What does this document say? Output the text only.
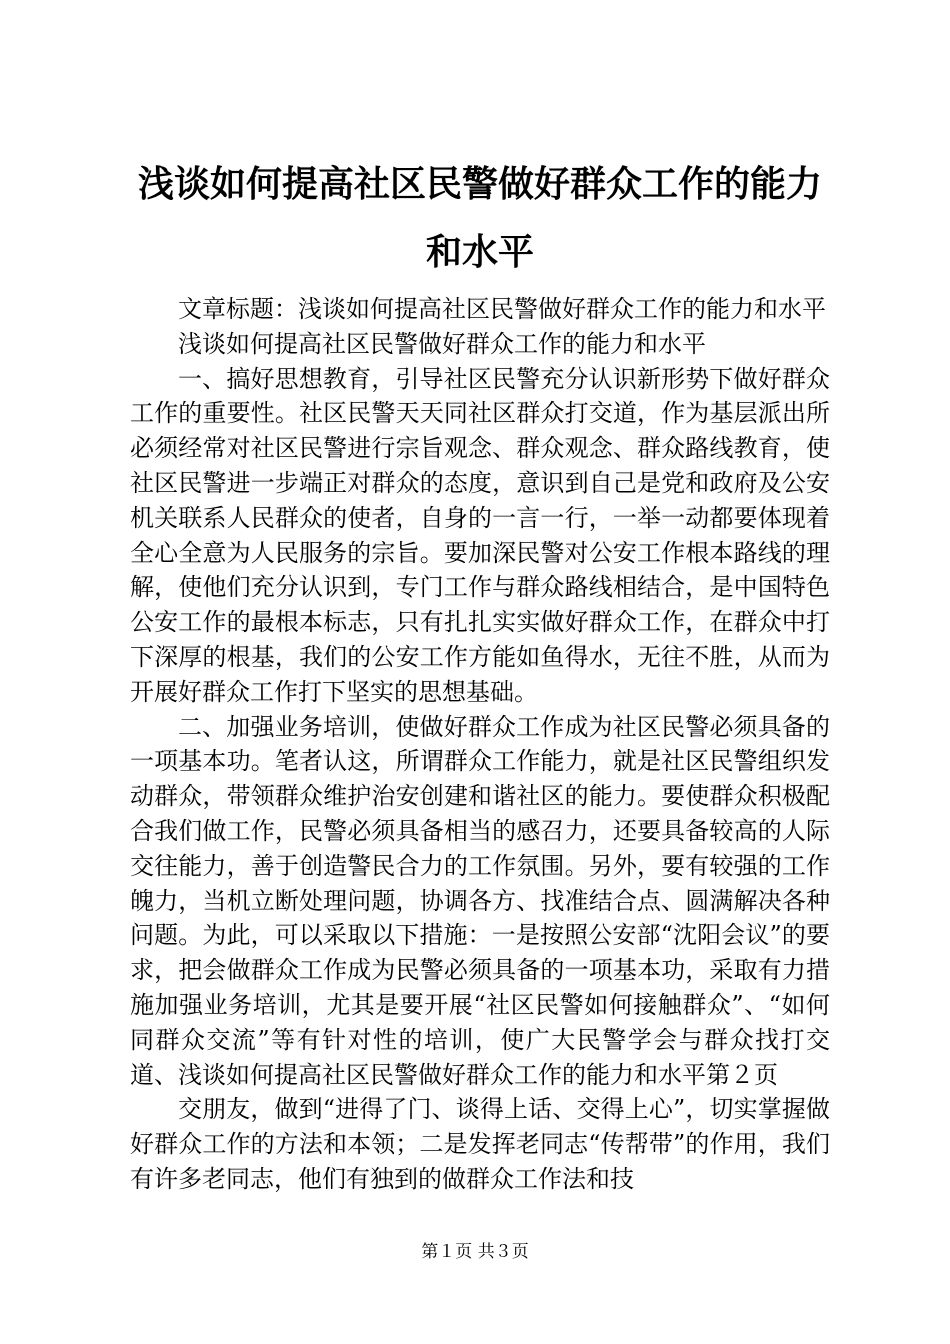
浅谈如何提高社区民警做好群众工作的能力和水平

文章标题：浅谈如何提高社区民警做好群众工作的能力和水平

浅谈如何提高社区民警做好群众工作的能力和水平

一、搞好思想教育，引导社区民警充分认识新形势下做好群众工作的重要性。社区民警天天同社区群众打交道，作为基层派出所必须经常对社区民警进行宗旨观念、群众观念、群众路线教育，使社区民警进一步端正对群众的态度，意识到自己是党和政府及公安机关联系人民群众的使者，自身的一言一行，一举一动都要体现着全心全意为人民服务的宗旨。要加深民警对公安工作根本路线的理解，使他们充分认识到，专门工作与群众路线相结合，是中国特色公安工作的最根本标志，只有扎扎实实做好群众工作，在群众中打下深厚的根基，我们的公安工作方能如鱼得水，无往不胜，从而为开展好群众工作打下坚实的思想基础。

二、加强业务培训，使做好群众工作成为社区民警必须具备的一项基本功。笔者认这，所谓群众工作能力，就是社区民警组织发动群众，带领群众维护治安创建和谐社区的能力。要使群众积极配合我们做工作，民警必须具备相当的感召力，还要具备较高的人际交往能力，善于创造警民合力的工作氛围。另外，要有较强的工作魄力，当机立断处理问题，协调各方、找准结合点、圆满解决各种问题。为此，可以采取以下措施：一是按照公安部“沈阳会议”的要求，把会做群众工作成为民警必须具备的一项基本功，采取有力措施加强业务培训，尤其是要开展“社区民警如何接触群众”、“如何同群众交流”等有针对性的培训，使广大民警学会与群众找打交道、浅谈如何提高社区民警做好群众工作的能力和水平第２页

交朋友，做到“进得了门、谈得上话、交得上心”，切实掌握做好群众工作的方法和本领；二是发挥老同志“传帮带”的作用，我们有许多老同志，他们有独到的做群众工作法和技

第１页 共３页
